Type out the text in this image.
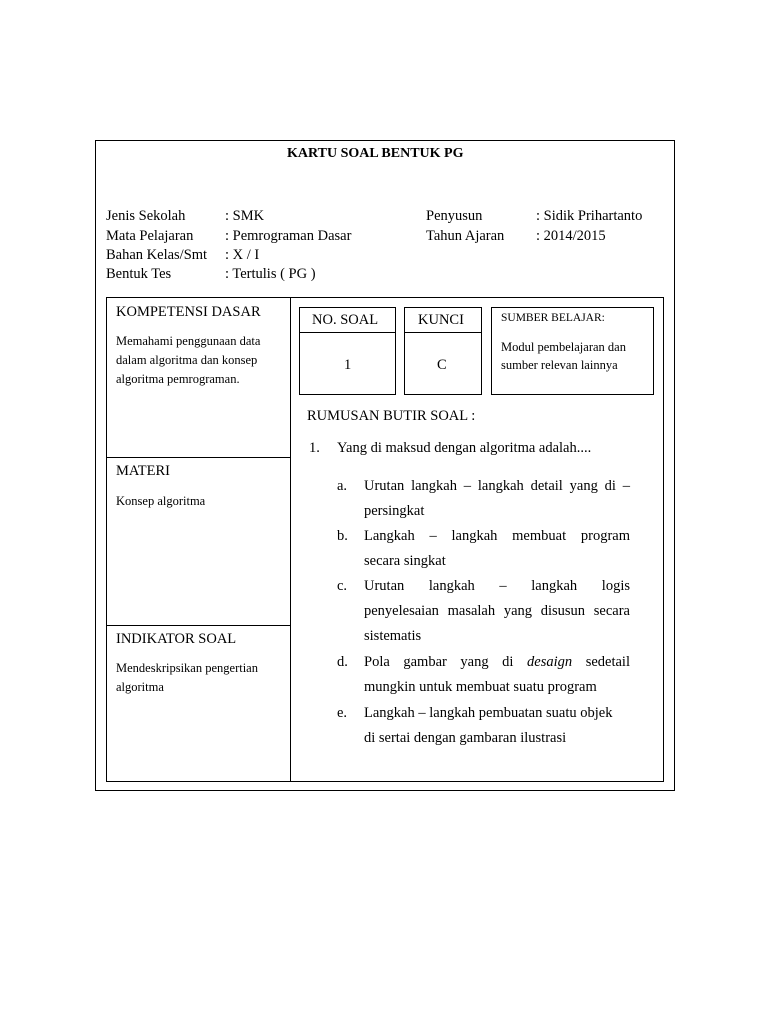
KARTU SOAL BENTUK PG
Jenis Sekolah	: SMK
Mata Pelajaran : Pemrograman Dasar
Bahan Kelas/Smt : X / I
Bentuk Tes	: Tertulis ( PG )
Penyusun	: Sidik Prihartanto
Tahun Ajaran : 2014/2015
KOMPETENSI DASAR
Memahami penggunaan data
dalam algoritma dan konsep
algoritma pemrograman.
MATERI
Konsep algoritma
INDIKATOR SOAL
Mendeskripsikan pengertian
algoritma
NO. SOAL
1
KUNCI
C
SUMBER BELAJAR:
Modul pembelajaran dan
sumber relevan lainnya
RUMUSAN BUTIR SOAL :
1. Yang di maksud dengan algoritma adalah....
a. Urutan langkah – langkah detail yang di –
persingkat
b. Langkah – langkah membuat program
secara singkat
c. Urutan langkah – langkah logis
penyelesaian masalah yang disusun secara
sistematis
d. Pola gambar yang di desaign sedetail
mungkin untuk membuat suatu program
e. Langkah – langkah pembuatan suatu objek
di sertai dengan gambaran ilustrasi
